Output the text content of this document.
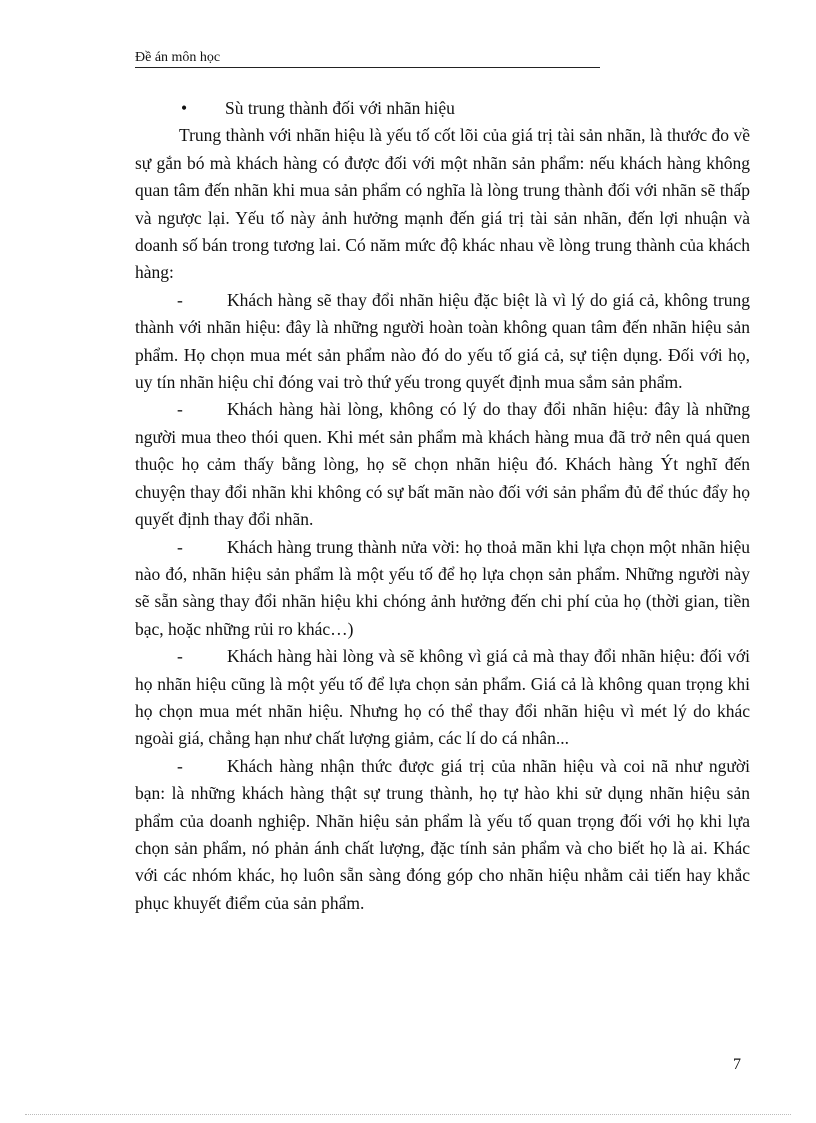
Đề án môn học
• Sù trung thành đối với nhãn hiệu

Trung thành với nhãn hiệu là yếu tố cốt lõi của giá trị tài sản nhãn, là thước đo về sự gắn bó mà khách hàng có được đối với một nhãn sản phẩm: nếu khách hàng không quan tâm đến nhãn khi mua sản phẩm có nghĩa là lòng trung thành đối với nhãn sẽ thấp và ngược lại. Yếu tố này ảnh hưởng mạnh đến giá trị tài sản nhãn, đến lợi nhuận và doanh số bán trong tương lai. Có năm mức độ khác nhau về lòng trung thành của khách hàng:

-	Khách hàng sẽ thay đổi nhãn hiệu đặc biệt là vì lý do giá cả, không trung thành với nhãn hiệu: đây là những người hoàn toàn không quan tâm đến nhãn hiệu sản phẩm. Họ chọn mua mét sản phẩm nào đó do yếu tố giá cả, sự tiện dụng. Đối với họ, uy tín nhãn hiệu chỉ đóng vai trò thứ yếu trong quyết định mua sắm sản phẩm.

-	Khách hàng hài lòng, không có lý do thay đổi nhãn hiệu: đây là những người mua theo thói quen. Khi mét sản phẩm mà khách hàng mua đã trở nên quá quen thuộc họ cảm thấy bằng lòng, họ sẽ chọn nhãn hiệu đó. Khách hàng Ýt nghĩ đến chuyện thay đổi nhãn khi không có sự bất mãn nào đối với sản phẩm đủ để thúc đẩy họ quyết định thay đổi nhãn.

-	Khách hàng trung thành nửa vời: họ thoả mãn khi lựa chọn một nhãn hiệu nào đó, nhãn hiệu sản phẩm là một yếu tố để họ lựa chọn sản phẩm. Những người này sẽ sẵn sàng thay đổi nhãn hiệu khi chóng ảnh hưởng đến chi phí của họ (thời gian, tiền bạc, hoặc những rủi ro khác…)

-	Khách hàng hài lòng và sẽ không vì giá cả mà thay đổi nhãn hiệu: đối với họ nhãn hiệu cũng là một yếu tố để lựa chọn sản phẩm. Giá cả là không quan trọng khi họ chọn mua mét nhãn hiệu. Nhưng họ có thể thay đổi nhãn hiệu vì mét lý do khác ngoài giá, chẳng hạn như chất lượng giảm, các lí do cá nhân...

-	Khách hàng nhận thức được giá trị của nhãn hiệu và coi nã như người bạn: là những khách hàng thật sự trung thành, họ tự hào khi sử dụng nhãn hiệu sản phẩm của doanh nghiệp. Nhãn hiệu sản phẩm là yếu tố quan trọng đối với họ khi lựa chọn sản phẩm, nó phản ánh chất lượng, đặc tính sản phẩm và cho biết họ là ai. Khác với các nhóm khác, họ luôn sẵn sàng đóng góp cho nhãn hiệu nhằm cải tiến hay khắc phục khuyết điểm của sản phẩm.

7
